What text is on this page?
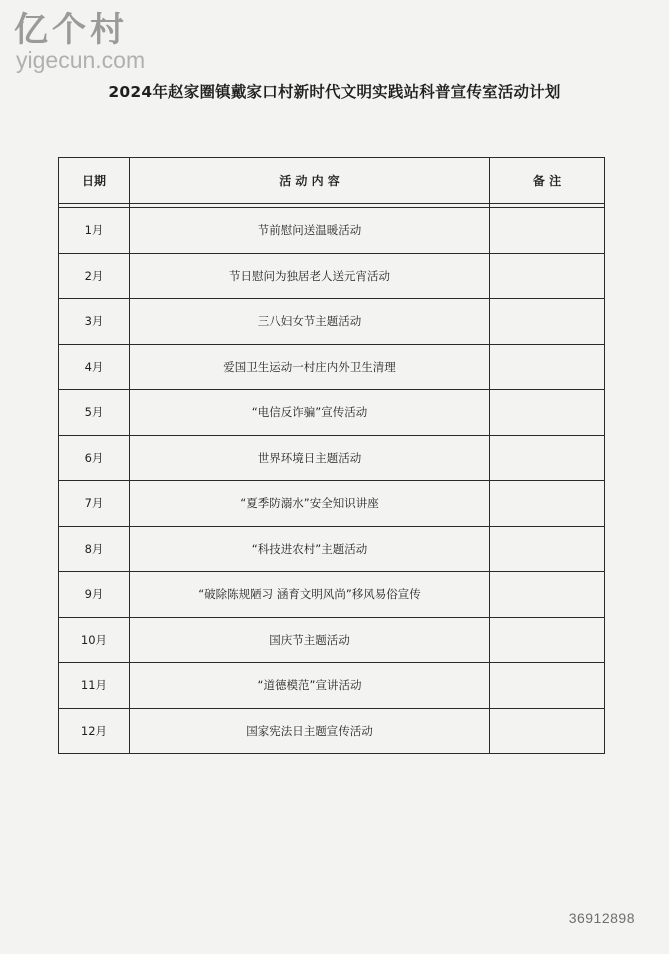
亿个村
yigecun.com
2024年赵家圈镇戴家口村新时代文明实践站科普宣传室活动计划
日期	活 动 内 容	备 注

1月	节前慰问送温暖活动	
2月	节日慰问为独居老人送元宵活动	
3月	三八妇女节主题活动	
4月	爱国卫生运动一村庄内外卫生清理	
5月	“电信反诈骗”宣传活动	
6月	世界环境日主题活动	
7月	“夏季防溺水”安全知识讲座	
8月	“科技进农村”主题活动	
9月	“破除陈规陋习 涵育文明风尚”移风易俗宣传	
10月	国庆节主题活动	
11月	“道德模范”宣讲活动	
12月	国家宪法日主题宣传活动	
36912898
